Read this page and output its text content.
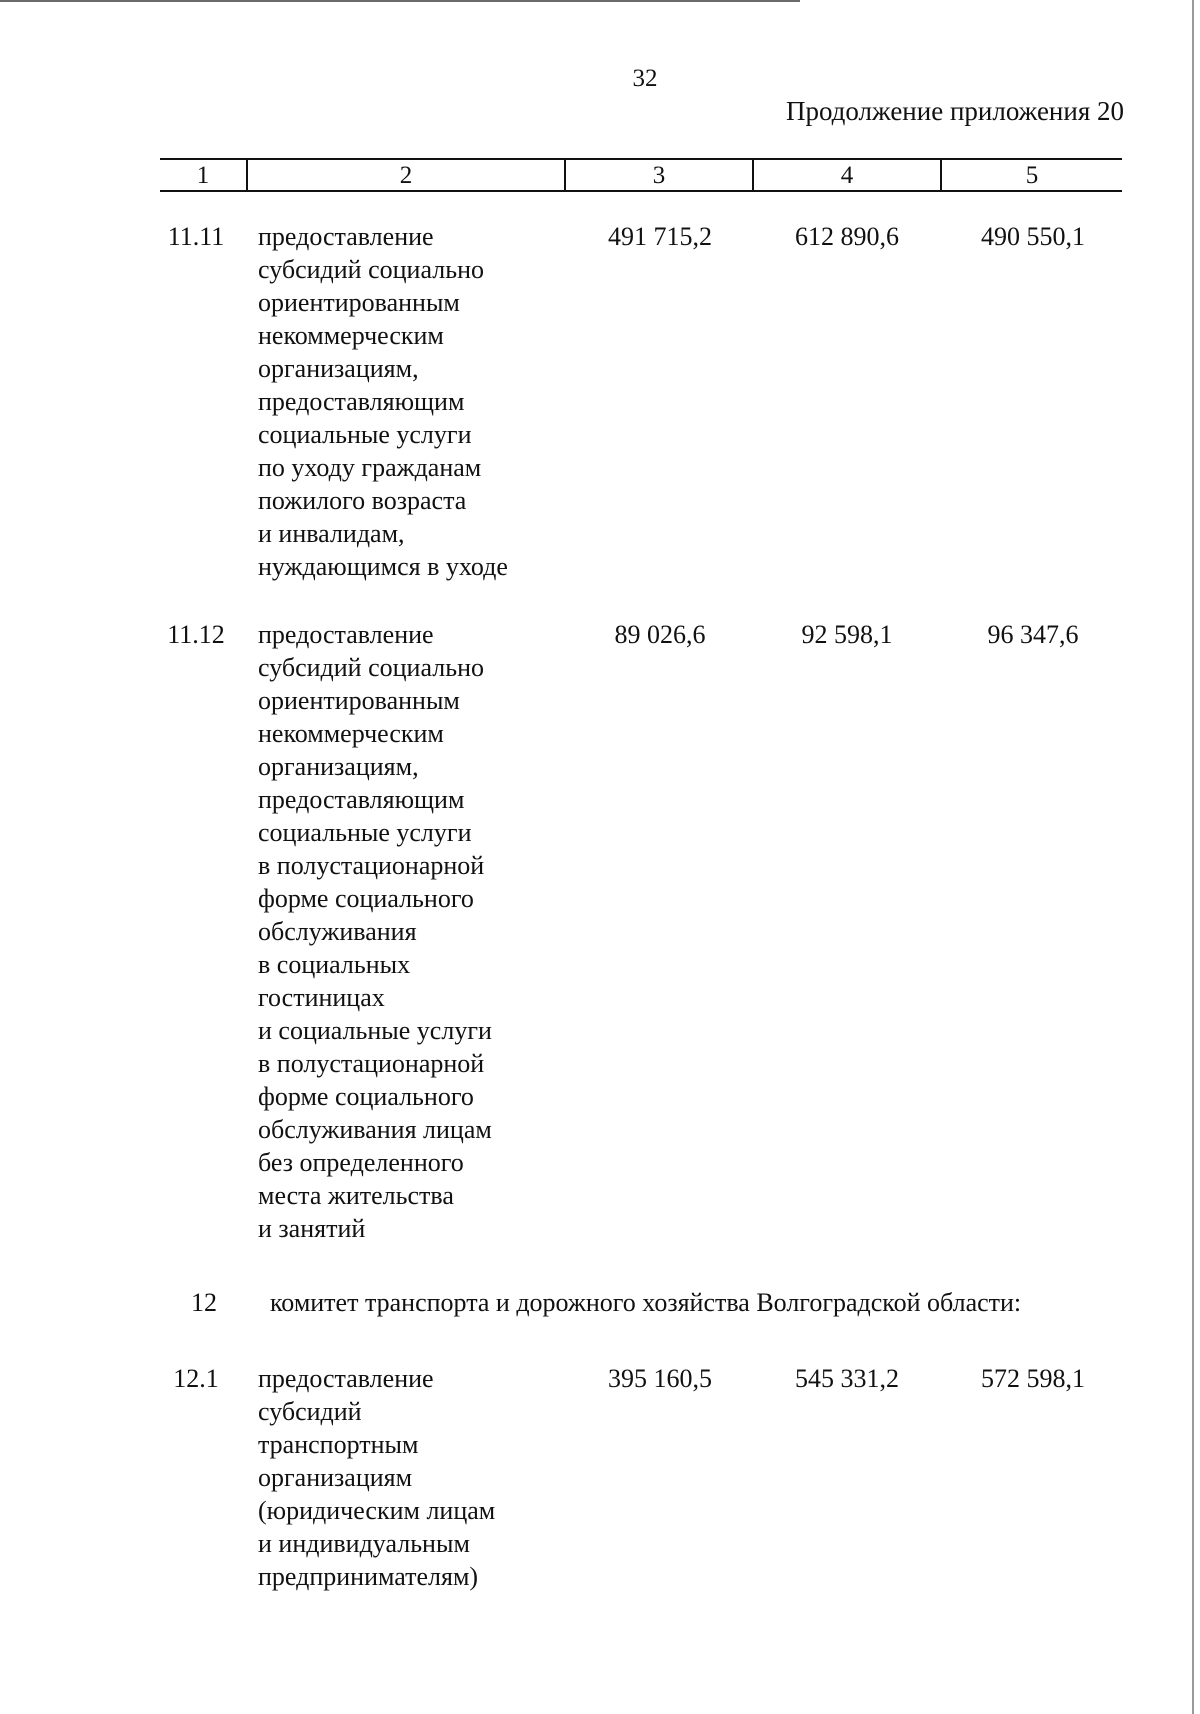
32
Продолжение приложения 20
1	2	3	4	5
11.11	предоставление
субсидий социально
ориентированным
некоммерческим
организациям,
предоставляющим
социальные услуги
по уходу гражданам
пожилого возраста
и инвалидам,
нуждающимся в уходе
491 715,2	612 890,6	490 550,1
11.12	предоставление
субсидий социально
ориентированным
некоммерческим
организациям,
предоставляющим
социальные услуги
в полустационарной
форме социального
обслуживания
в социальных
гостиницах
и социальные услуги
в полустационарной
форме социального
обслуживания лицам
без определенного
места жительства
и занятий
89 026,6	92 598,1	96 347,6
12	комитет транспорта и дорожного хозяйства Волгоградской области:
12.1	предоставление
субсидий
транспортным
организациям
(юридическим лицам
и индивидуальным
предпринимателям)
395 160,5	545 331,2	572 598,1
